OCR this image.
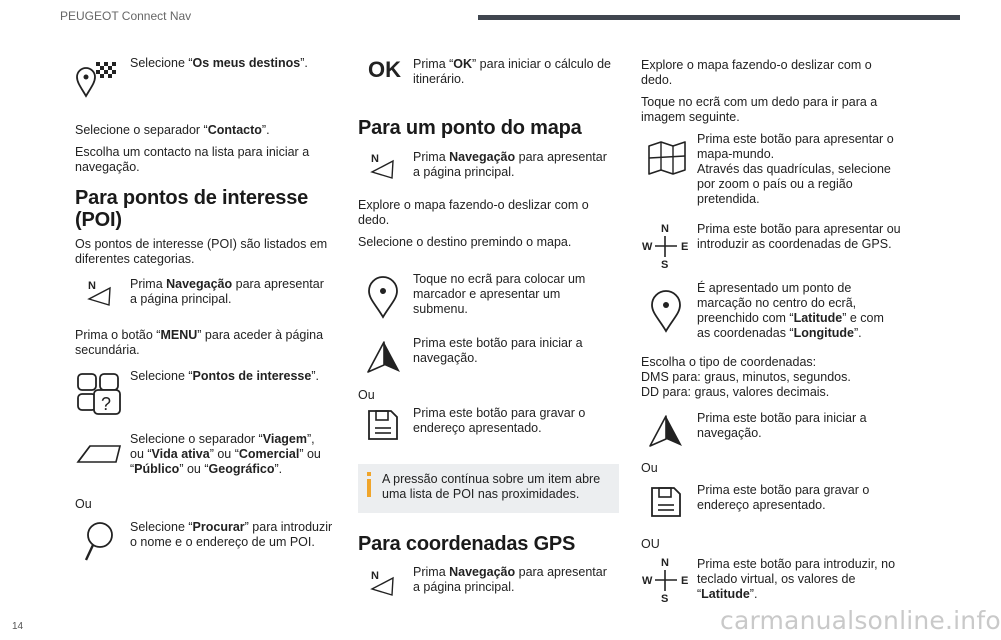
PEUGEOT Connect Nav
Selecione “Os meus destinos”.
Selecione o separador “Contacto”.
Escolha um contacto na lista para iniciar a navegação.
Para pontos de interesse
(POI)
Os pontos de interesse (POI) são listados em diferentes categorias.
N	Prima Navegação para apresentar a página principal.
Prima o botão “MENU” para aceder à página secundária.
?
Selecione “Pontos de interesse”.
Selecione o separador “Viagem”, ou “Vida ativa” ou “Comercial” ou “Público” ou “Geográfico”.
Ou
Selecione “Procurar” para introduzir o nome e o endereço de um POI.
OK Prima “OK” para iniciar o cálculo de itinerário.
Para um ponto do mapa
N	Prima Navegação para apresentar a página principal.
Explore o mapa fazendo-o deslizar com o dedo.
Selecione o destino premindo o mapa.
Toque no ecrã para colocar um marcador e apresentar um submenu.
Prima este botão para iniciar a navegação.
Ou
Prima este botão para gravar o endereço apresentado.
A pressão contínua sobre um item abre uma lista de POI nas proximidades.
Para coordenadas GPS
N	Prima Navegação para apresentar a página principal.
Explore o mapa fazendo-o deslizar com o dedo.
Toque no ecrã com um dedo para ir para a imagem seguinte.
Prima este botão para apresentar o mapa-mundo.
Através das quadrículas, selecione por zoom o país ou a região pretendida.
N
S
W	E
Prima este botão para apresentar ou introduzir as coordenadas de GPS.
É apresentado um ponto de marcação no centro do ecrã, preenchido com “Latitude” e com as coordenadas “Longitude”.
Escolha o tipo de coordenadas:
DMS para: graus, minutos, segundos.
DD para: graus, valores decimais.
Prima este botão para iniciar a navegação.
Ou
Prima este botão para gravar o endereço apresentado.
OU
N
S
W	E
Prima este botão para introduzir, no teclado virtual, os valores de “Latitude”.
14	carmanualsonline.info
